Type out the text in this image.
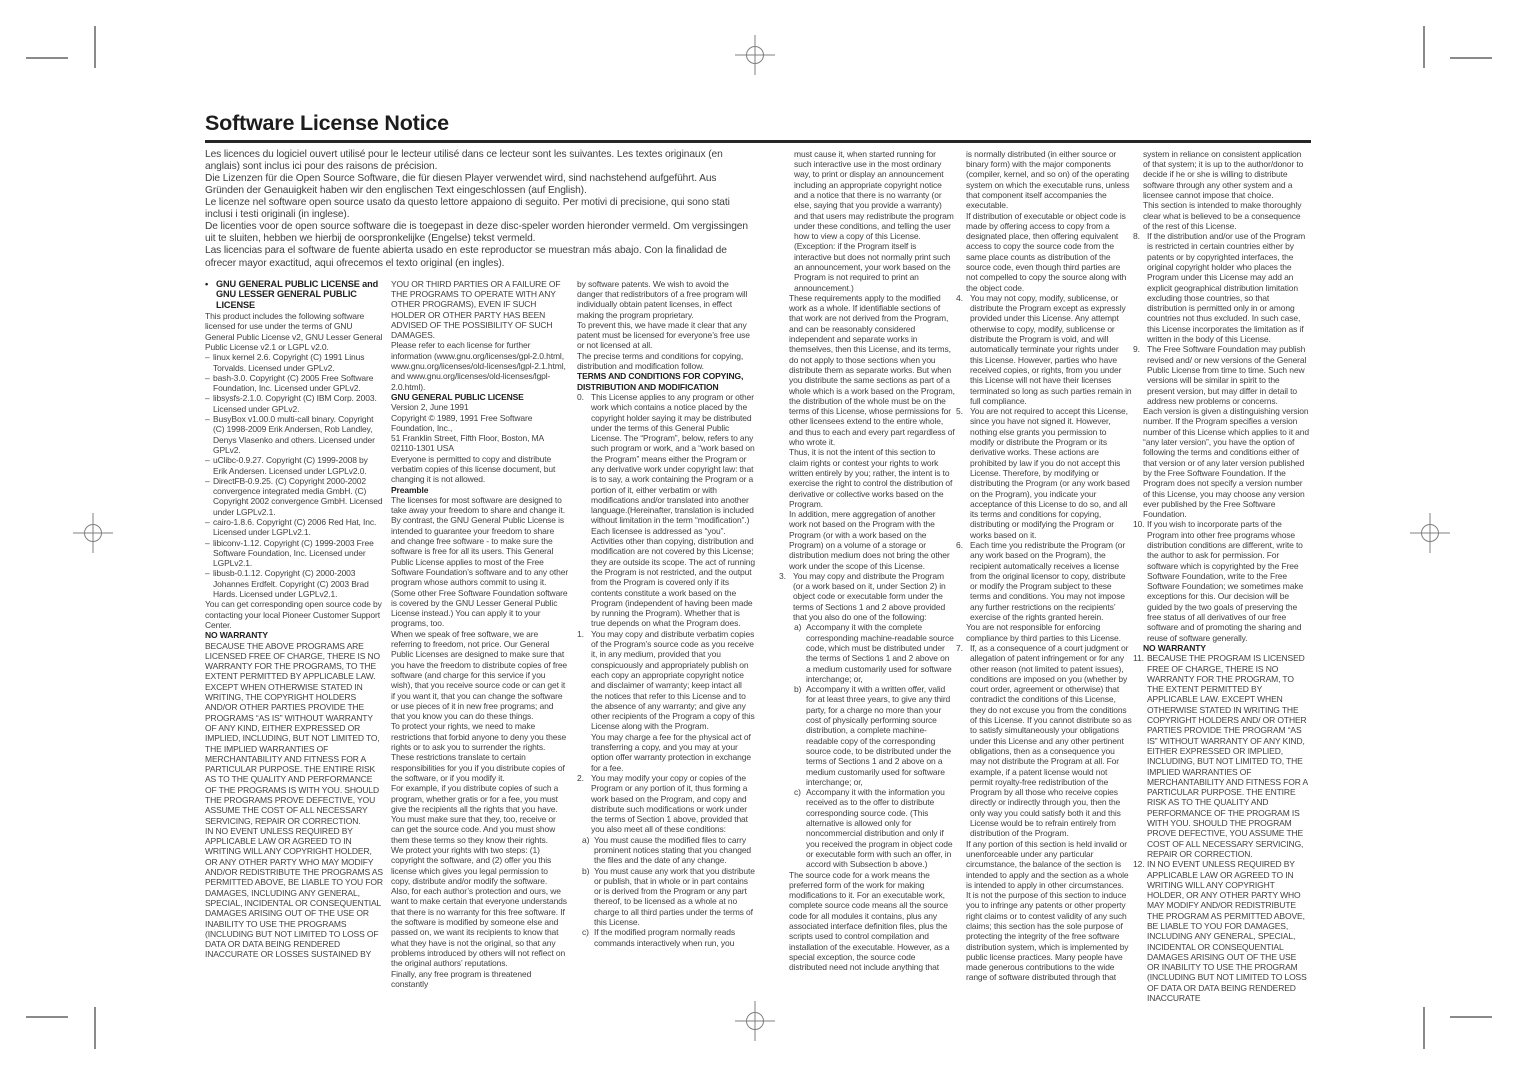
Software License Notice

Les licences du logiciel ouvert utilisé pour le lecteur utilisé dans ce lecteur sont les suivantes. Les textes originaux (en anglais) sont inclus ici pour des raisons de précision.

Die Lizenzen für die Open Source Software, die für diesen Player verwendet wird, sind nachstehend aufgeführt. Aus Gründen der Genauigkeit haben wir den englischen Text eingeschlossen (auf English).

Le licenze nel software open source usato da questo lettore appaiono di seguito. Per motivi di precisione, qui sono stati inclusi i testi originali (in inglese).

De licenties voor de open source software die is toegepast in deze disc-speler worden hieronder vermeld. Om vergissingen uit te sluiten, hebben we hierbij de oorspronkelijke (Engelse) tekst vermeld.

Las licencias para el software de fuente abierta usado en este reproductor se muestran más abajo. Con la finalidad de ofrecer mayor exactitud, aqui ofrecemos el texto original (en ingles).

• GNU GENERAL PUBLIC LICENSE and GNU LESSER GENERAL PUBLIC LICENSE
This product includes the following software licensed for use under the terms of GNU General Public License v2, GNU Lesser General Public License v2.1 or LGPL v2.0.
– linux kernel 2.6. Copyright (C) 1991 Linus Torvalds. Licensed under GPLv2.
– bash-3.0. Copyright (C) 2005 Free Software Foundation, Inc. Licensed under GPLv2.
– libsysfs-2.1.0. Copyright (C) IBM Corp. 2003. Licensed under GPLv2.
– BusyBox v1.00.0 multi-call binary. Copyright (C) 1998-2009 Erik Andersen, Rob Landley, Denys Vlasenko and others. Licensed under GPLv2.
– uClibc-0.9.27. Copyright (C) 1999-2008 by Erik Andersen. Licensed under LGPLv2.0.
– DirectFB-0.9.25. (C) Copyright 2000-2002 convergence integrated media GmbH. (C) Copyright 2002 convergence GmbH. Licensed under LGPLv2.1.
– cairo-1.8.6. Copyright (C) 2006 Red Hat, Inc. Licensed under LGPLv2.1.
– libiconv-1.12. Copyright (C) 1999-2003 Free Software Foundation, Inc. Licensed under LGPLv2.1.
– libusb-0.1.12. Copyright (C) 2000-2003 Johannes Erdfelt. Copyright (C) 2003 Brad Hards. Licensed under LGPLv2.1.
You can get corresponding open source code by contacting your local Pioneer Customer Support Center.
NO WARRANTY
BECAUSE THE ABOVE PROGRAMS ARE LICENSED FREE OF CHARGE, THERE IS NO WARRANTY FOR THE PROGRAMS, TO THE EXTENT PERMITTED BY APPLICABLE LAW. EXCEPT WHEN OTHERWISE STATED IN WRITING, THE COPYRIGHT HOLDERS AND/OR OTHER PARTIES PROVIDE THE PROGRAMS “AS IS” WITHOUT WARRANTY OF ANY KIND, EITHER EXPRESSED OR IMPLIED, INCLUDING, BUT NOT LIMITED TO, THE IMPLIED WARRANTIES OF MERCHANTABILITY AND FITNESS FOR A PARTICULAR PURPOSE. THE ENTIRE RISK AS TO THE QUALITY AND PERFORMANCE OF THE PROGRAMS IS WITH YOU. SHOULD THE PROGRAMS PROVE DEFECTIVE, YOU ASSUME THE COST OF ALL NECESSARY SERVICING, REPAIR OR CORRECTION.
IN NO EVENT UNLESS REQUIRED BY APPLICABLE LAW OR AGREED TO IN WRITING WILL ANY COPYRIGHT HOLDER, OR ANY OTHER PARTY WHO MAY MODIFY AND/OR REDISTRIBUTE THE PROGRAMS AS PERMITTED ABOVE, BE LIABLE TO YOU FOR DAMAGES, INCLUDING ANY GENERAL, SPECIAL, INCIDENTAL OR CONSEQUENTIAL DAMAGES ARISING OUT OF THE USE OR INABILITY TO USE THE PROGRAMS (INCLUDING BUT NOT LIMITED TO LOSS OF DATA OR DATA BEING RENDERED INACCURATE OR LOSSES SUSTAINED BY
YOU OR THIRD PARTIES OR A FAILURE OF THE PROGRAMS TO OPERATE WITH ANY OTHER PROGRAMS), EVEN IF SUCH HOLDER OR OTHER PARTY HAS BEEN ADVISED OF THE POSSIBILITY OF SUCH DAMAGES.
Please refer to each license for further information (www.gnu.org/licenses/gpl-2.0.html, www.gnu.org/licenses/old-licenses/lgpl-2.1.html, and www.gnu.org/licenses/old-licenses/lgpl-2.0.html).
GNU GENERAL PUBLIC LICENSE
Version 2, June 1991
Copyright © 1989, 1991 Free Software Foundation, Inc.,
51 Franklin Street, Fifth Floor, Boston, MA 02110-1301 USA
Everyone is permitted to copy and distribute verbatim copies of this license document, but changing it is not allowed.
Preamble
The licenses for most software are designed to take away your freedom to share and change it. By contrast, the GNU General Public License is intended to guarantee your freedom to share and change free software - to make sure the software is free for all its users. This General Public License applies to most of the Free Software Foundation’s software and to any other program whose authors commit to using it. (Some other Free Software Foundation software is covered by the GNU Lesser General Public License instead.) You can apply it to your programs, too.
When we speak of free software, we are referring to freedom, not price. Our General Public Licenses are designed to make sure that you have the freedom to distribute copies of free software (and charge for this service if you wish), that you receive source code or can get it if you want it, that you can change the software or use pieces of it in new free programs; and that you know you can do these things.
To protect your rights, we need to make restrictions that forbid anyone to deny you these rights or to ask you to surrender the rights. These restrictions translate to certain responsibilities for you if you distribute copies of the software, or if you modify it.
For example, if you distribute copies of such a program, whether gratis or for a fee, you must give the recipients all the rights that you have. You must make sure that they, too, receive or can get the source code. And you must show them these terms so they know their rights.
We protect your rights with two steps: (1) copyright the software, and (2) offer you this license which gives you legal permission to copy, distribute and/or modify the software.
Also, for each author’s protection and ours, we want to make certain that everyone understands that there is no warranty for this free software. If the software is modified by someone else and passed on, we want its recipients to know that what they have is not the original, so that any problems introduced by others will not reflect on the original authors’ reputations.
Finally, any free program is threatened constantly
by software patents. We wish to avoid the danger that redistributors of a free program will individually obtain patent licenses, in effect making the program proprietary.
To prevent this, we have made it clear that any patent must be licensed for everyone’s free use or not licensed at all.
The precise terms and conditions for copying, distribution and modification follow.
TERMS AND CONDITIONS FOR COPYING, DISTRIBUTION AND MODIFICATION
0. This License applies to any program or other work which contains a notice placed by the copyright holder saying it may be distributed under the terms of this General Public License. The “Program”, below, refers to any such program or work, and a “work based on the Program” means either the Program or any derivative work under copyright law: that is to say, a work containing the Program or a portion of it, either verbatim or with modifications and/or translated into another language.(Hereinafter, translation is included without limitation in the term “modification”.) Each licensee is addressed as “you”.
Activities other than copying, distribution and modification are not covered by this License; they are outside its scope. The act of running the Program is not restricted, and the output from the Program is covered only if its contents constitute a work based on the Program (independent of having been made by running the Program). Whether that is true depends on what the Program does.
1. You may copy and distribute verbatim copies of the Program’s source code as you receive it, in any medium, provided that you conspicuously and appropriately publish on each copy an appropriate copyright notice and disclaimer of warranty; keep intact all the notices that refer to this License and to the absence of any warranty; and give any other recipients of the Program a copy of this License along with the Program.
You may charge a fee for the physical act of transferring a copy, and you may at your option offer warranty protection in exchange for a fee.
2. You may modify your copy or copies of the Program or any portion of it, thus forming a work based on the Program, and copy and distribute such modifications or work under the terms of Section 1 above, provided that you also meet all of these conditions:
a) You must cause the modified files to carry prominent notices stating that you changed the files and the date of any change.
b) You must cause any work that you distribute or publish, that in whole or in part contains or is derived from the Program or any part thereof, to be licensed as a whole at no charge to all third parties under the terms of this License.
c) If the modified program normally reads commands interactively when run, you
must cause it, when started running for such interactive use in the most ordinary way, to print or display an announcement including an appropriate copyright notice and a notice that there is no warranty (or else, saying that you provide a warranty) and that users may redistribute the program under these conditions, and telling the user how to view a copy of this License. (Exception: if the Program itself is interactive but does not normally print such an announcement, your work based on the Program is not required to print an announcement.)
These requirements apply to the modified work as a whole. If identifiable sections of that work are not derived from the Program, and can be reasonably considered independent and separate works in themselves, then this License, and its terms, do not apply to those sections when you distribute them as separate works. But when you distribute the same sections as part of a whole which is a work based on the Program, the distribution of the whole must be on the terms of this License, whose permissions for other licensees extend to the entire whole, and thus to each and every part regardless of who wrote it.
Thus, it is not the intent of this section to claim rights or contest your rights to work written entirely by you; rather, the intent is to exercise the right to control the distribution of derivative or collective works based on the Program.
In addition, mere aggregation of another work not based on the Program with the Program (or with a work based on the Program) on a volume of a storage or distribution medium does not bring the other work under the scope of this License.
3. You may copy and distribute the Program (or a work based on it, under Section 2) in object code or executable form under the terms of Sections 1 and 2 above provided that you also do one of the following:
a) Accompany it with the complete corresponding machine-readable source code, which must be distributed under the terms of Sections 1 and 2 above on a medium customarily used for software interchange; or,
b) Accompany it with a written offer, valid for at least three years, to give any third party, for a charge no more than your cost of physically performing source distribution, a complete machine-readable copy of the corresponding source code, to be distributed under the terms of Sections 1 and 2 above on a medium customarily used for software interchange; or,
c) Accompany it with the information you received as to the offer to distribute corresponding source code. (This alternative is allowed only for noncommercial distribution and only if you received the program in object code or executable form with such an offer, in accord with Subsection b above.)
The source code for a work means the preferred form of the work for making modifications to it. For an executable work, complete source code means all the source code for all modules it contains, plus any associated interface definition files, plus the scripts used to control compilation and installation of the executable. However, as a special exception, the source code distributed need not include anything that
is normally distributed (in either source or binary form) with the major components (compiler, kernel, and so on) of the operating system on which the executable runs, unless that component itself accompanies the executable.
If distribution of executable or object code is made by offering access to copy from a designated place, then offering equivalent access to copy the source code from the same place counts as distribution of the source code, even though third parties are not compelled to copy the source along with the object code.
4. You may not copy, modify, sublicense, or distribute the Program except as expressly provided under this License. Any attempt otherwise to copy, modify, sublicense or distribute the Program is void, and will automatically terminate your rights under this License. However, parties who have received copies, or rights, from you under this License will not have their licenses terminated so long as such parties remain in full compliance.
5. You are not required to accept this License, since you have not signed it. However, nothing else grants you permission to modify or distribute the Program or its derivative works. These actions are prohibited by law if you do not accept this License. Therefore, by modifying or distributing the Program (or any work based on the Program), you indicate your acceptance of this License to do so, and all its terms and conditions for copying, distributing or modifying the Program or works based on it.
6. Each time you redistribute the Program (or any work based on the Program), the recipient automatically receives a license from the original licensor to copy, distribute or modify the Program subject to these terms and conditions. You may not impose any further restrictions on the recipients’ exercise of the rights granted herein.
You are not responsible for enforcing compliance by third parties to this License.
7. If, as a consequence of a court judgment or allegation of patent infringement or for any other reason (not limited to patent issues), conditions are imposed on you (whether by court order, agreement or otherwise) that contradict the conditions of this License, they do not excuse you from the conditions of this License. If you cannot distribute so as to satisfy simultaneously your obligations under this License and any other pertinent obligations, then as a consequence you may not distribute the Program at all. For example, if a patent license would not permit royalty-free redistribution of the Program by all those who receive copies directly or indirectly through you, then the only way you could satisfy both it and this License would be to refrain entirely from distribution of the Program.
If any portion of this section is held invalid or unenforceable under any particular circumstance, the balance of the section is intended to apply and the section as a whole is intended to apply in other circumstances.
It is not the purpose of this section to induce you to infringe any patents or other property right claims or to contest validity of any such claims; this section has the sole purpose of protecting the integrity of the free software distribution system, which is implemented by public license practices. Many people have made generous contributions to the wide range of software distributed through that
system in reliance on consistent application of that system; it is up to the author/donor to decide if he or she is willing to distribute software through any other system and a licensee cannot impose that choice.
This section is intended to make thoroughly clear what is believed to be a consequence of the rest of this License.
8. If the distribution and/or use of the Program is restricted in certain countries either by patents or by copyrighted interfaces, the original copyright holder who places the Program under this License may add an explicit geographical distribution limitation excluding those countries, so that distribution is permitted only in or among countries not thus excluded. In such case, this License incorporates the limitation as if written in the body of this License.
9. The Free Software Foundation may publish revised and/ or new versions of the General Public License from time to time. Such new versions will be similar in spirit to the present version, but may differ in detail to address new problems or concerns.
Each version is given a distinguishing version number. If the Program specifies a version number of this License which applies to it and “any later version”, you have the option of following the terms and conditions either of that version or of any later version published by the Free Software Foundation. If the Program does not specify a version number of this License, you may choose any version ever published by the Free Software Foundation.
10. If you wish to incorporate parts of the Program into other free programs whose distribution conditions are different, write to the author to ask for permission. For software which is copyrighted by the Free Software Foundation, write to the Free Software Foundation; we sometimes make exceptions for this. Our decision will be guided by the two goals of preserving the free status of all derivatives of our free software and of promoting the sharing and reuse of software generally.
NO WARRANTY
11. BECAUSE THE PROGRAM IS LICENSED FREE OF CHARGE, THERE IS NO WARRANTY FOR THE PROGRAM, TO THE EXTENT PERMITTED BY APPLICABLE LAW. EXCEPT WHEN OTHERWISE STATED IN WRITING THE COPYRIGHT HOLDERS AND/ OR OTHER PARTIES PROVIDE THE PROGRAM “AS IS” WITHOUT WARRANTY OF ANY KIND, EITHER EXPRESSED OR IMPLIED, INCLUDING, BUT NOT LIMITED TO, THE IMPLIED WARRANTIES OF MERCHANTABILITY AND FITNESS FOR A PARTICULAR PURPOSE. THE ENTIRE RISK AS TO THE QUALITY AND PERFORMANCE OF THE PROGRAM IS WITH YOU. SHOULD THE PROGRAM PROVE DEFECTIVE, YOU ASSUME THE COST OF ALL NECESSARY SERVICING, REPAIR OR CORRECTION.
12. IN NO EVENT UNLESS REQUIRED BY APPLICABLE LAW OR AGREED TO IN WRITING WILL ANY COPYRIGHT HOLDER, OR ANY OTHER PARTY WHO MAY MODIFY AND/OR REDISTRIBUTE THE PROGRAM AS PERMITTED ABOVE, BE LIABLE TO YOU FOR DAMAGES, INCLUDING ANY GENERAL, SPECIAL, INCIDENTAL OR CONSEQUENTIAL DAMAGES ARISING OUT OF THE USE OR INABILITY TO USE THE PROGRAM (INCLUDING BUT NOT LIMITED TO LOSS OF DATA OR DATA BEING RENDERED INACCURATE
